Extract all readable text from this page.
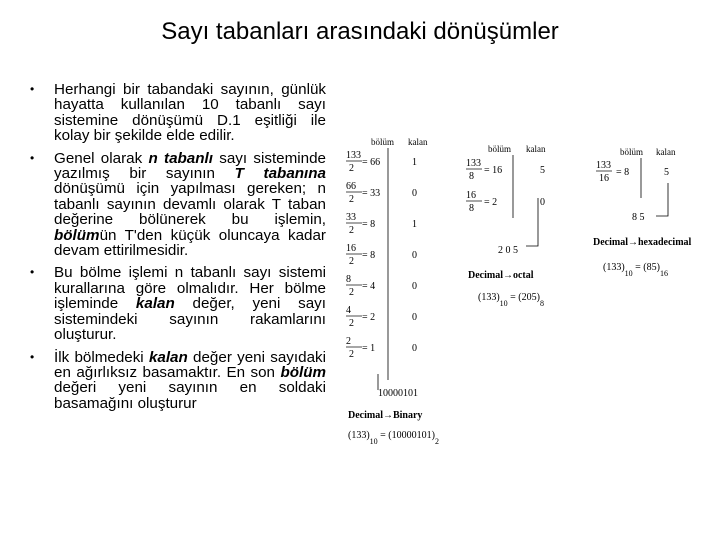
Sayı tabanları arasındaki dönüşümler
• Herhangi bir tabandaki sayının, günlük hayatta kullanılan 10 tabanlı sayı sistemine dönüşümü D.1 eşitliği ile kolay bir şekilde elde edilir.
• Genel olarak n tabanlı sayı sisteminde yazılmış bir sayının T tabanına dönüşümü için yapılması gereken; n tabanlı sayının devamlı olarak T taban değerine bölünerek bu işlemin, bölümün T'den küçük oluncaya kadar devam ettirilmesidir.
• Bu bölme işlemi n tabanlı sayı sistemi kurallarına göre olmalıdır. Her bölme işleminde kalan değer, yeni sayı sistemindeki sayının rakamlarını oluşturur.
• İlk bölmedeki kalan değer yeni sayıdaki en ağırlıksız basamaktır. En son bölüm değeri yeni sayının en soldaki basamağını oluşturur
bölüm kalan
133
2
= 66	1
66
2
= 33	0
33
2
= 8	1
16
2
= 8	0
8
2
= 4	0
4
2
= 2	0
2
2
= 1	0
10000101
Decimal→Binary
$(133)_{10} = (10000101)_2$
bölüm kalan
133
8
= 16	5
16
8
= 2	0
2 0 5
Decimal→octal
$(133)_{10} = (205)_8$
bölüm kalan
133
16
= 8	5
8 5
Decimal→hexadecimal
$(133)_{10} = (85)_{16}$
